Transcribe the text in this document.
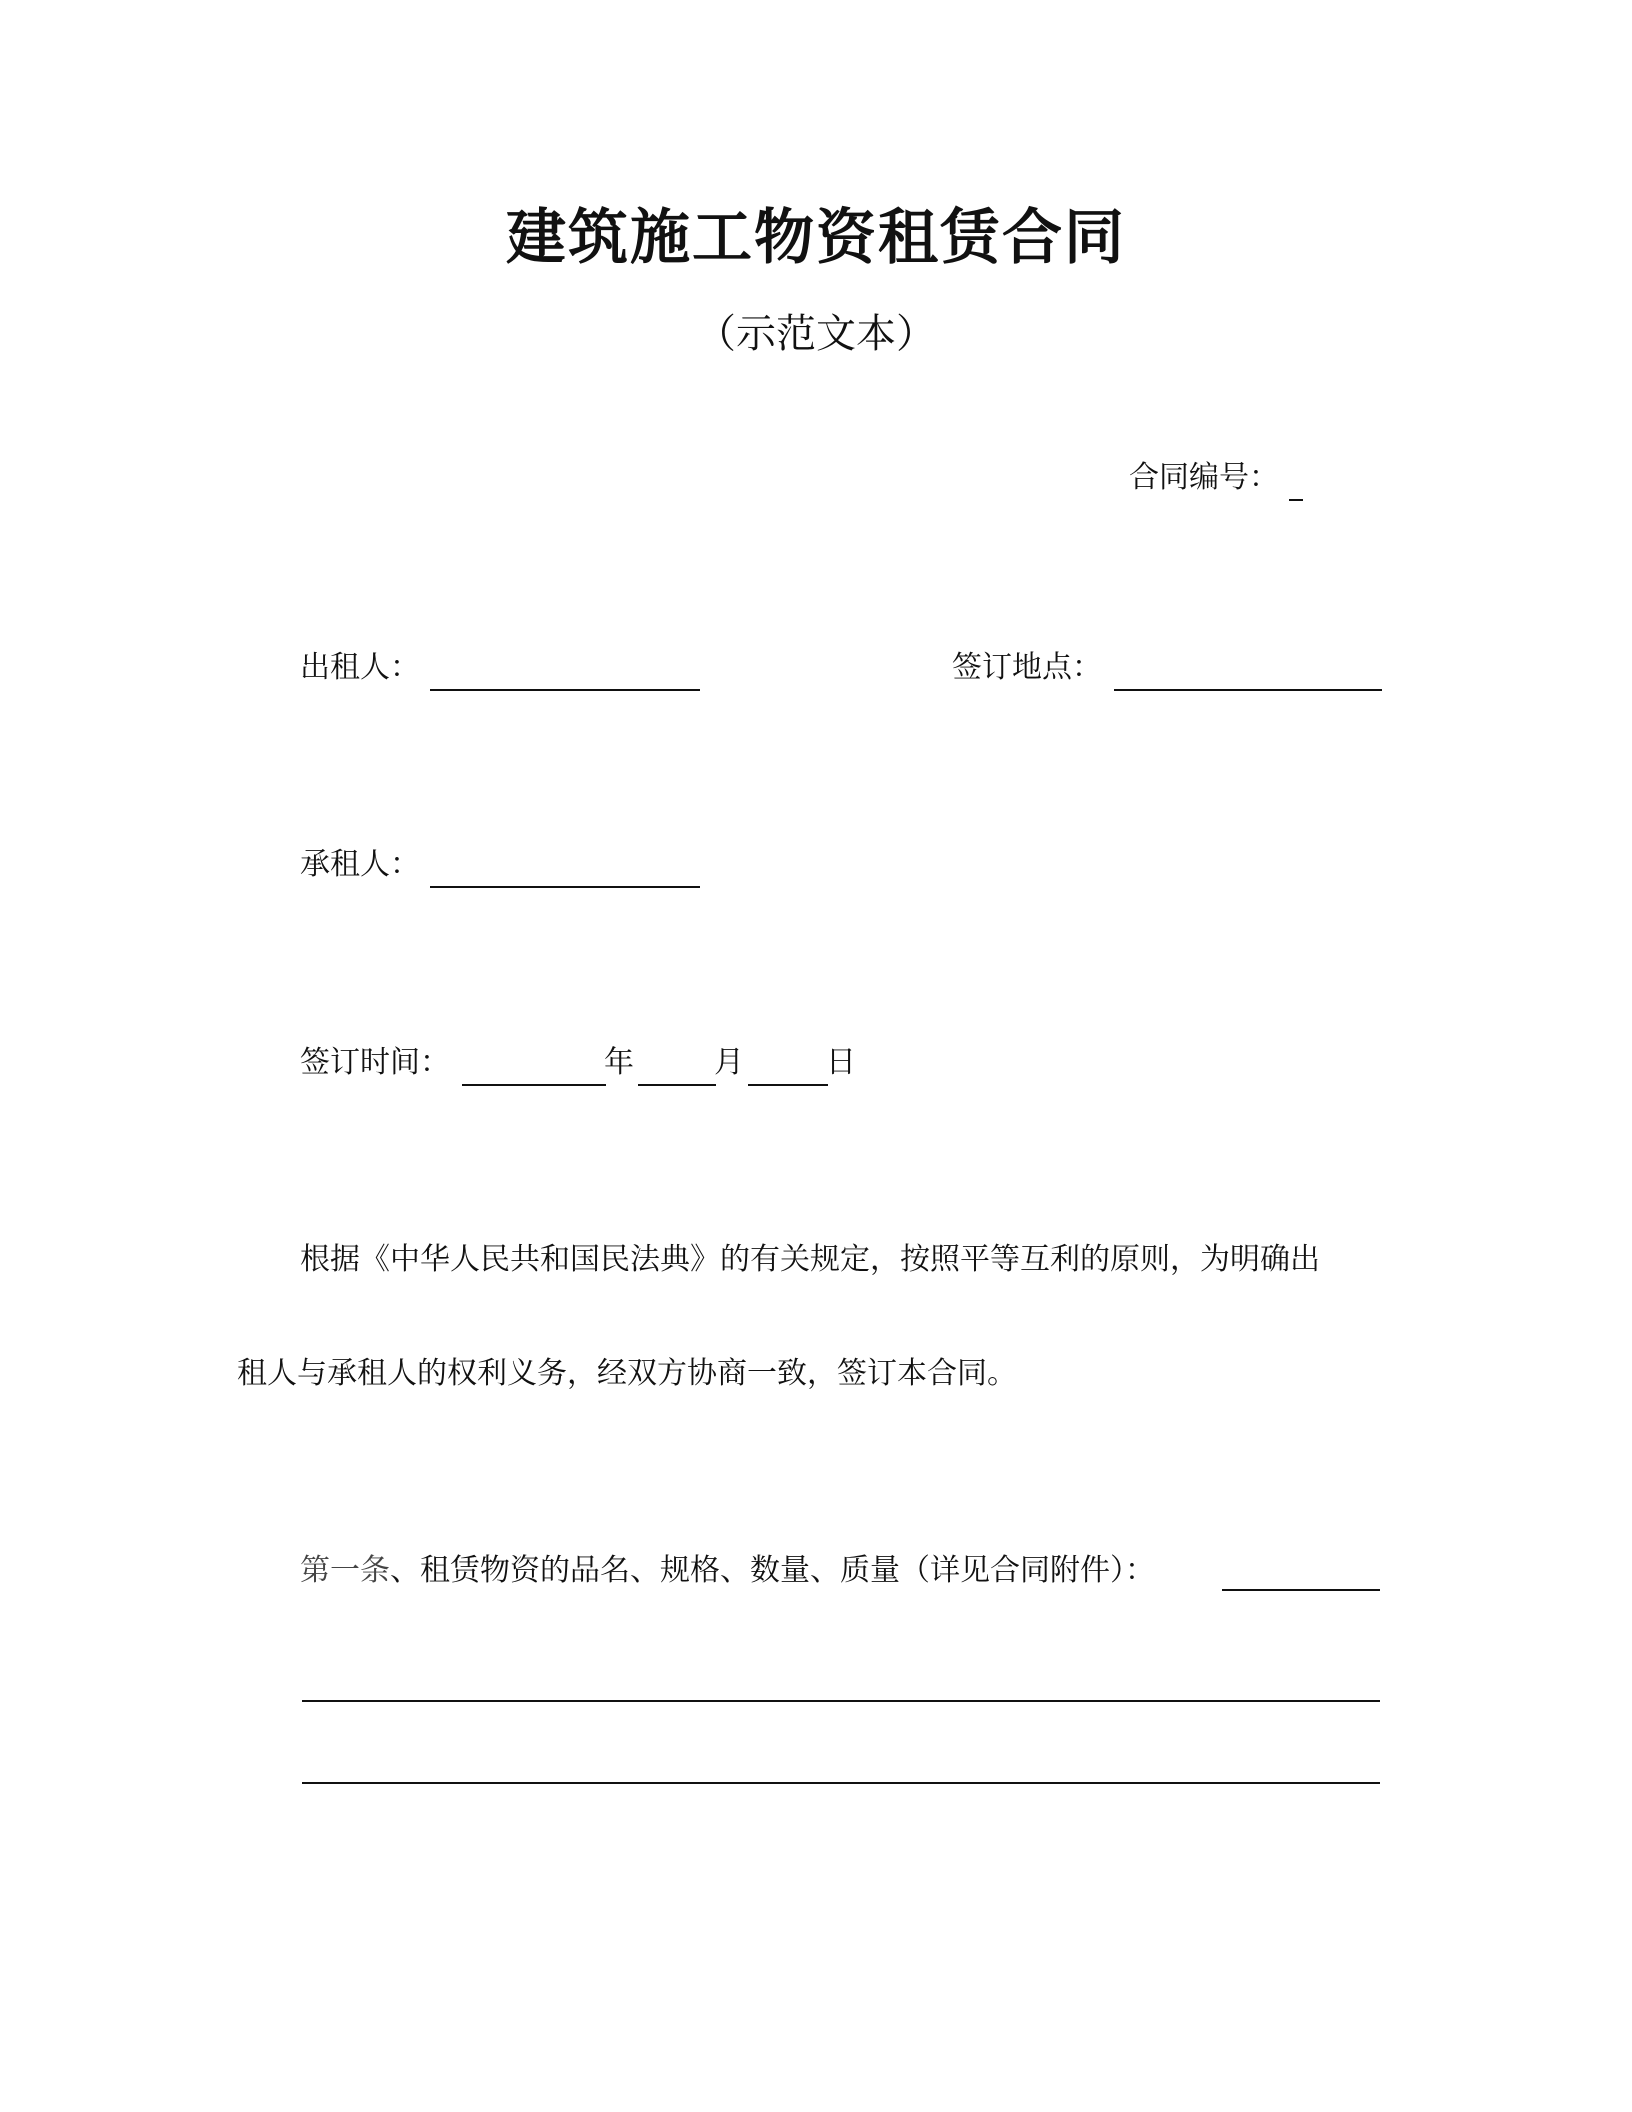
建筑施工物资租赁合同
（示范文本）
合同编号：
出租人：	签订地点：
承租人：
签订时间：	年	月	日
根据《中华人民共和国民法典》的有关规定，按照平等互利的原则，为明确出
租人与承租人的权利义务，经双方协商一致，签订本合同。
第一条、租赁物资的品名、规格、数量、质量（详见合同附件）：
